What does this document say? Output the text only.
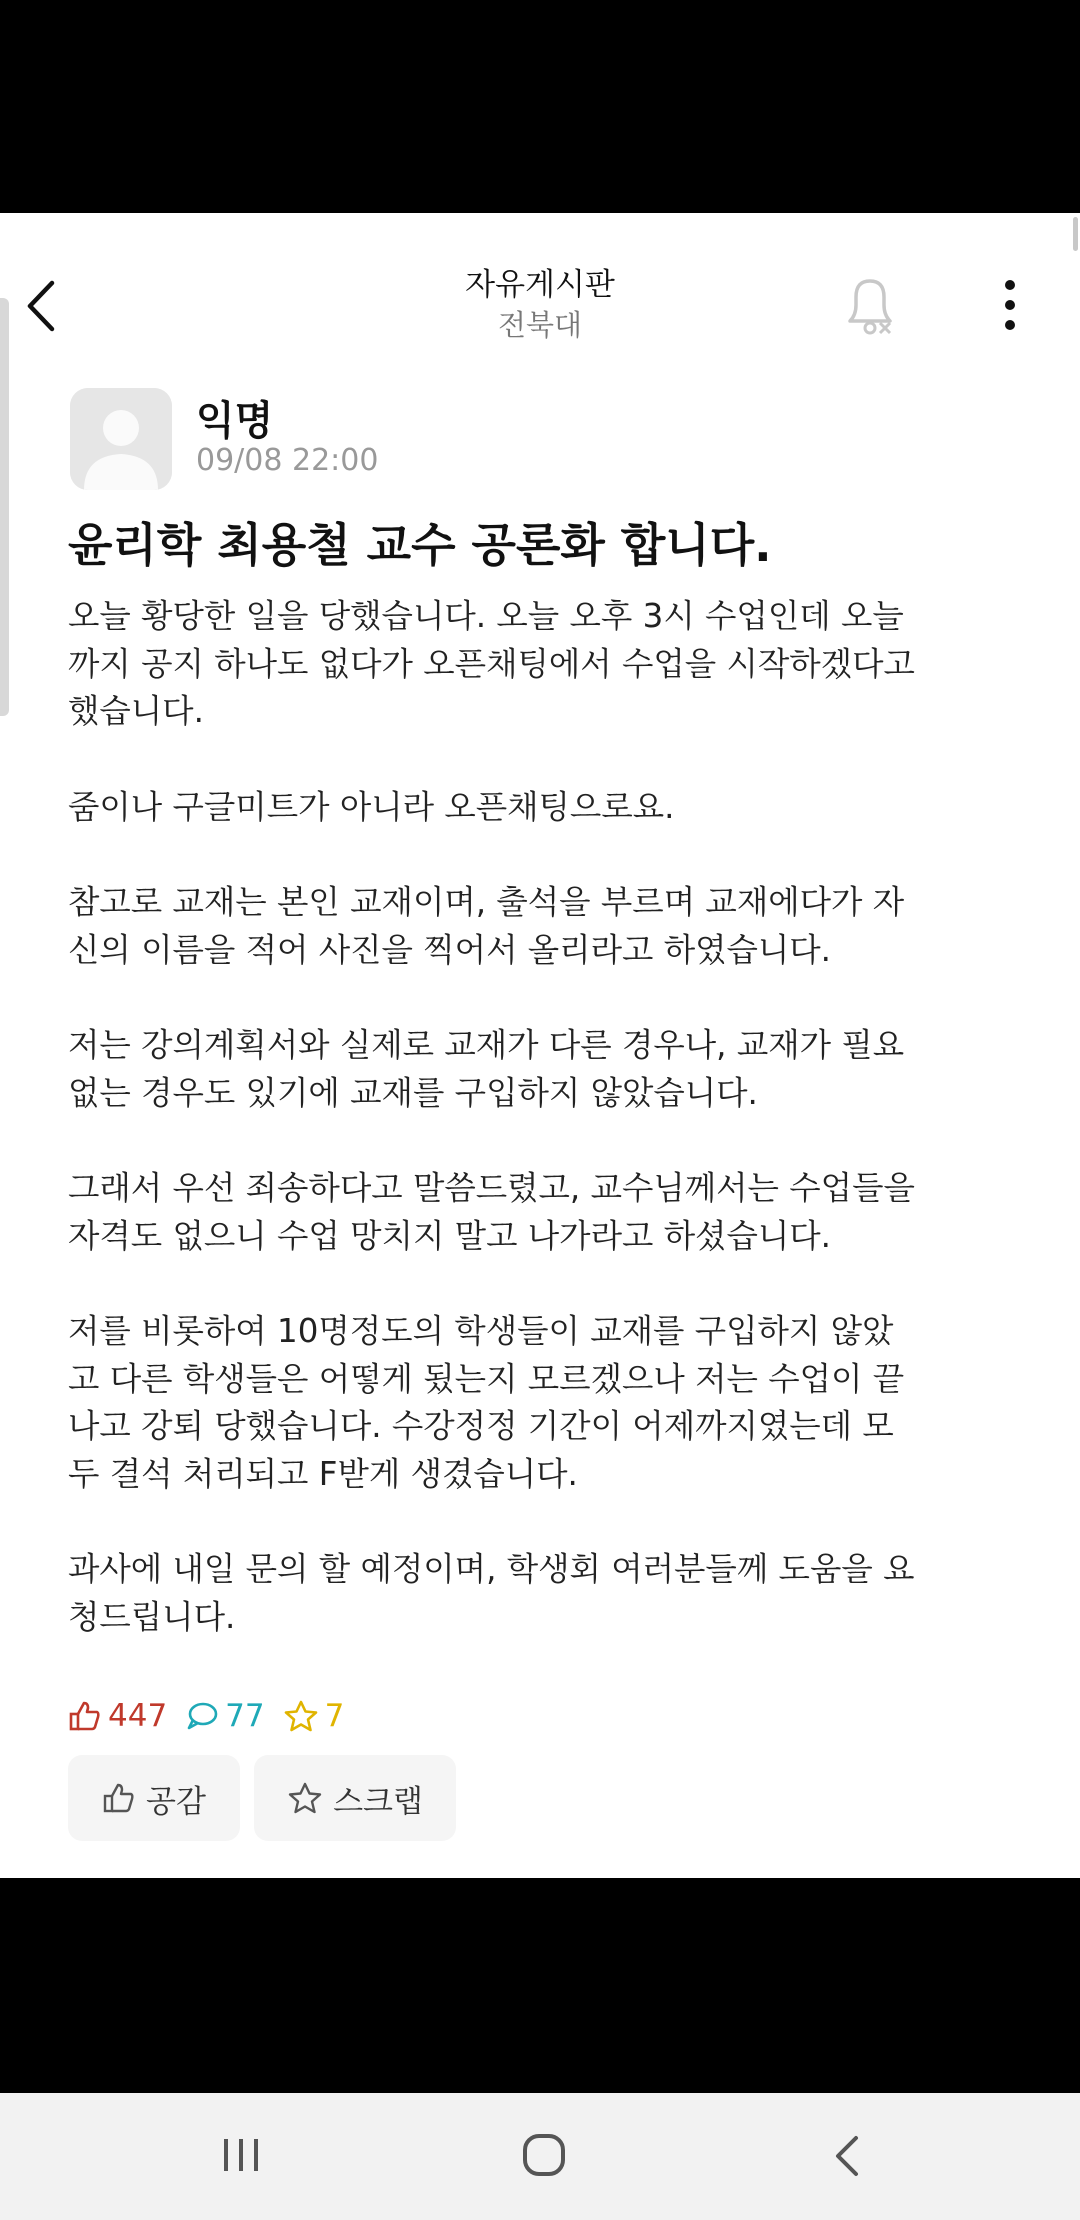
자유게시판
전북대
익명
09/08 22:00
윤리학 최용철 교수 공론화 합니다.

오늘 황당한 일을 당했습니다. 오늘 오후 3시 수업인데 오늘
까지 공지 하나도 없다가 오픈채팅에서 수업을 시작하겠다고
했습니다.

줌이나 구글미트가 아니라 오픈채팅으로요.

참고로 교재는 본인 교재이며, 출석을 부르며 교재에다가 자
신의 이름을 적어 사진을 찍어서 올리라고 하였습니다.

저는 강의계획서와 실제로 교재가 다른 경우나, 교재가 필요
없는 경우도 있기에 교재를 구입하지 않았습니다.

그래서 우선 죄송하다고 말씀드렸고, 교수님께서는 수업들을
자격도 없으니 수업 망치지 말고 나가라고 하셨습니다.

저를 비롯하여 10명정도의 학생들이 교재를 구입하지 않았
고 다른 학생들은 어떻게 됬는지 모르겠으나 저는 수업이 끝
나고 강퇴 당했습니다. 수강정정 기간이 어제까지였는데 모
두 결석 처리되고 F받게 생겼습니다.

과사에 내일 문의 할 예정이며, 학생회 여러분들께 도움을 요
청드립니다.

447 77 7
공감	스크랩
